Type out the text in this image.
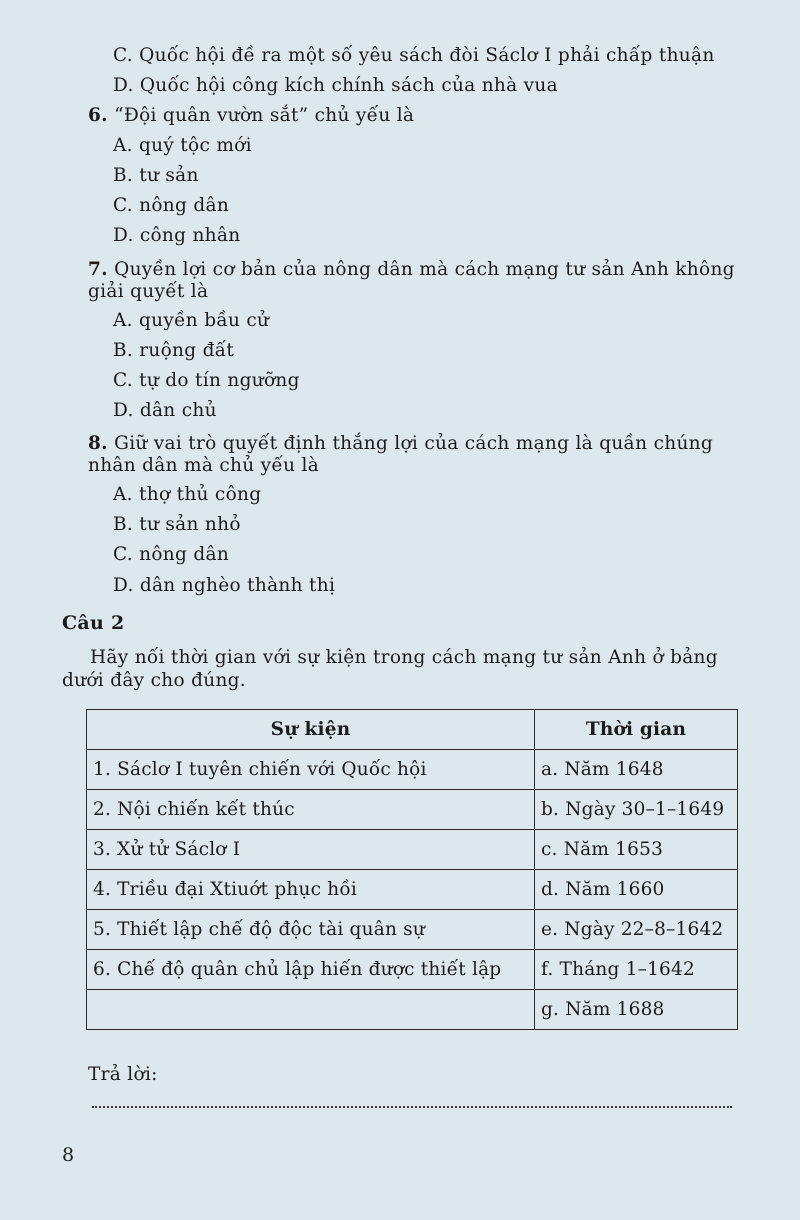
C. Quốc hội đề ra một số yêu sách đòi Sáclơ I phải chấp thuận
D. Quốc hội công kích chính sách của nhà vua
6. “Đội quân vườn sắt” chủ yếu là
A. quý tộc mới
B. tư sản
C. nông dân
D. công nhân
7. Quyền lợi cơ bản của nông dân mà cách mạng tư sản Anh không giải quyết là
A. quyền bầu cử
B. ruộng đất
C. tự do tín ngưỡng
D. dân chủ
8. Giữ vai trò quyết định thắng lợi của cách mạng là quần chúng nhân dân mà chủ yếu là
A. thợ thủ công
B. tư sản nhỏ
C. nông dân
D. dân nghèo thành thị
Câu 2
Hãy nối thời gian với sự kiện trong cách mạng tư sản Anh ở bảng dưới đây cho đúng.
Sự kiện	Thời gian
1. Sáclơ I tuyên chiến với Quốc hội	a. Năm 1648
2. Nội chiến kết thúc	b. Ngày 30–1–1649
3. Xử tử Sáclơ I	c. Năm 1653
4. Triều đại Xtiuớt phục hồi	d. Năm 1660
5. Thiết lập chế độ độc tài quân sự	e. Ngày 22–8–1642
6. Chế độ quân chủ lập hiến được thiết lập	f. Tháng 1–1642
	g. Năm 1688
Trả lời:
8
